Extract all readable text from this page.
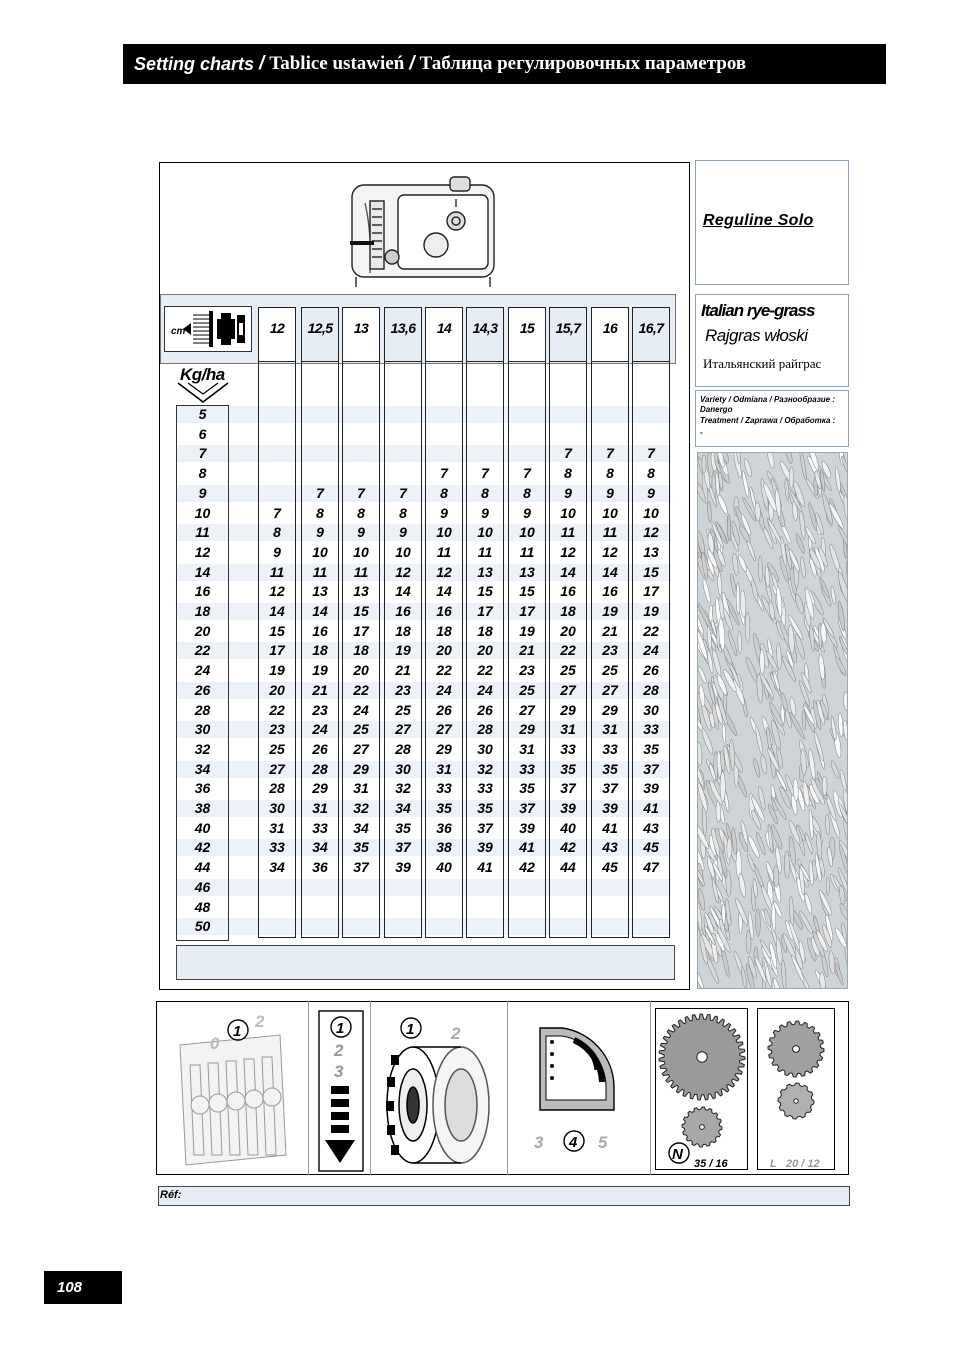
Setting charts / Tablice ustawień / Таблица регулировочных параметров
cm
Kg/ha
5
6
7
8
9
10
11
12
14
16
18
20
22
24
26
28
30
32
34
36
38
40
42
44
46
48
50
12
7
8
9
11
12
14
15
17
19
20
22
23
25
27
28
30
31
33
34
12,5
7
8
9
10
11
13
14
16
18
19
21
23
24
26
28
29
31
33
34
36
13
7
8
9
10
11
13
15
17
18
20
22
24
25
27
29
31
32
34
35
37
13,6
7
8
9
10
12
14
16
18
19
21
23
25
27
28
30
32
34
35
37
39
14
7
8
9
10
11
12
14
16
18
20
22
24
26
27
29
31
33
35
36
38
40
14,3
7
8
9
10
11
13
15
17
18
20
22
24
26
28
30
32
33
35
37
39
41
15
7
8
9
10
11
13
15
17
19
21
23
25
27
29
31
33
35
37
39
41
42
15,7
7
8
9
10
11
12
14
16
18
20
22
25
27
29
31
33
35
37
39
40
42
44
16
7
8
9
10
11
12
14
16
19
21
23
25
27
29
31
33
35
37
39
41
43
45
16,7
7
8
9
10
12
13
15
17
19
22
24
26
28
30
33
35
37
39
41
43
45
47
Reguline Solo
Italian rye-grass
Rajgras włoski
Итальянский райграс
Variety / Odmiana / Разнообразие :
Danergo
Treatment / Zaprawa / Обработка :
-
0
1
2	1
2
3
1 2
3 4 5
N
35 / 16	L 20 / 12
Réf:
108
